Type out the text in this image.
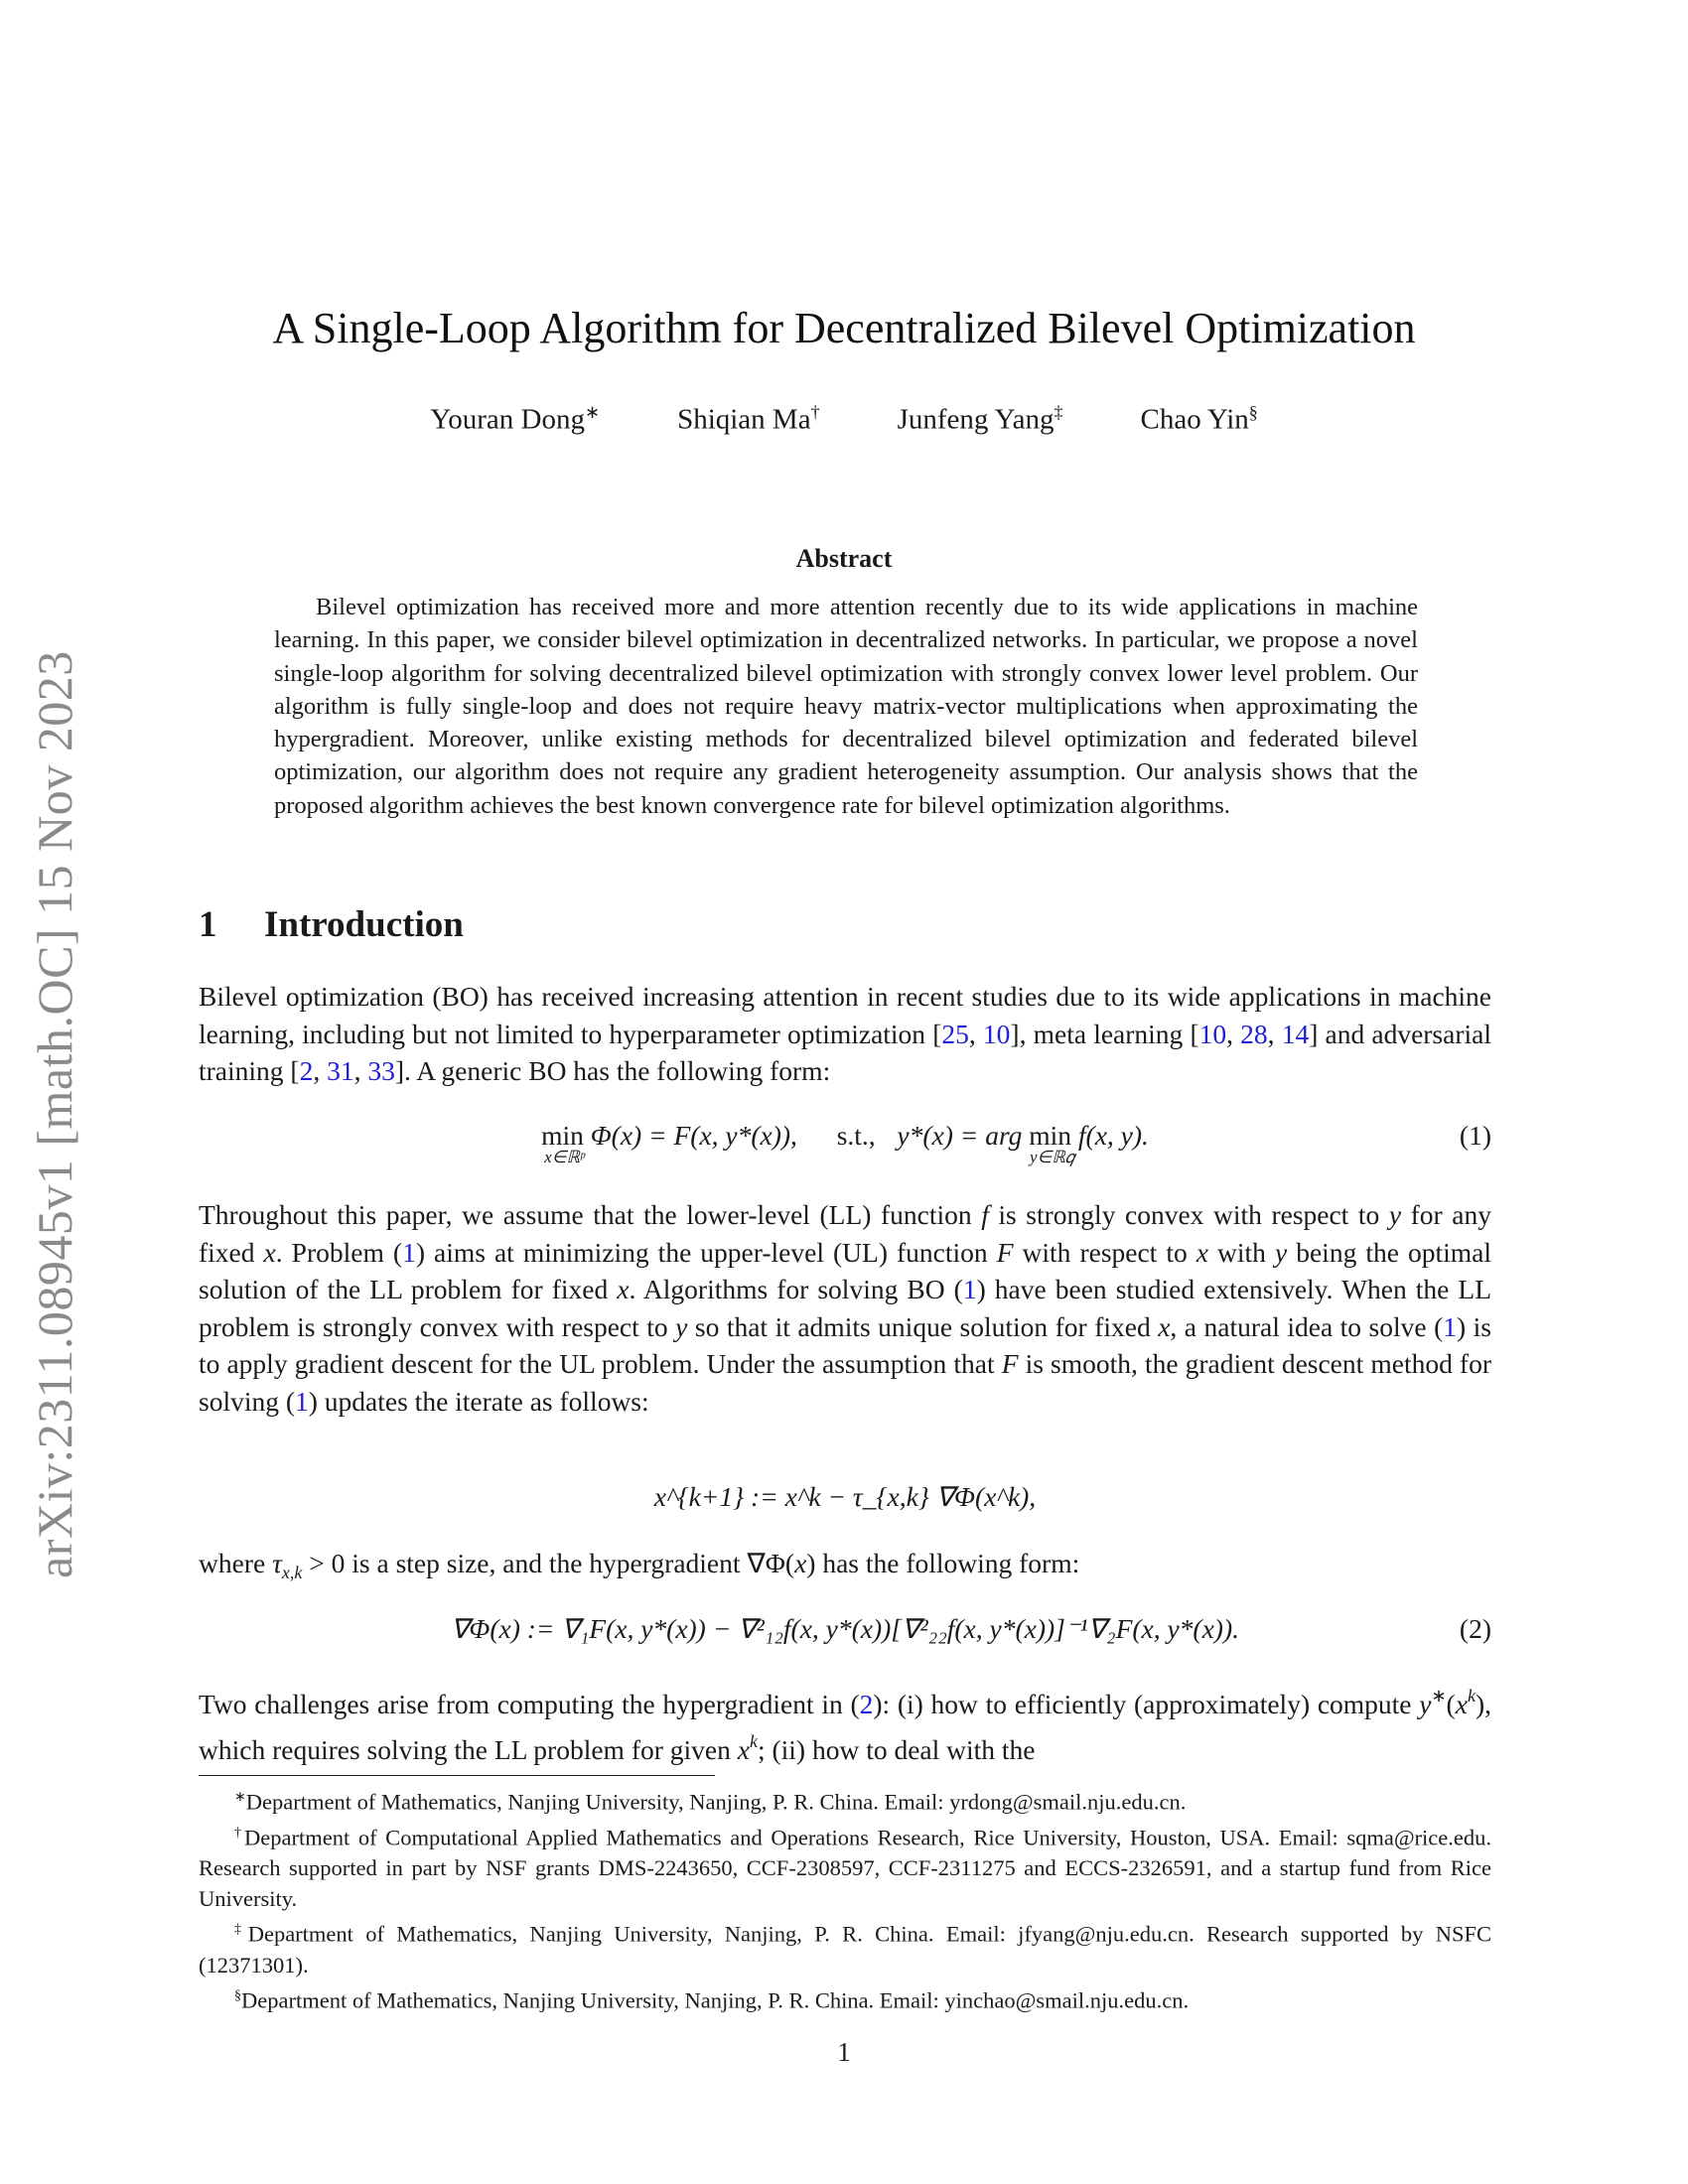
arXiv:2311.08945v1 [math.OC] 15 Nov 2023
A Single-Loop Algorithm for Decentralized Bilevel Optimization
Youran Dong∗	Shiqian Ma†	Junfeng Yang‡	Chao Yin§
Abstract
Bilevel optimization has received more and more attention recently due to its wide applications in machine learning. In this paper, we consider bilevel optimization in decentralized networks. In particular, we propose a novel single-loop algorithm for solving decentralized bilevel optimization with strongly convex lower level problem. Our algorithm is fully single-loop and does not require heavy matrix-vector multiplications when approximating the hypergradient. Moreover, unlike existing methods for decentralized bilevel optimization and federated bilevel optimization, our algorithm does not require any gradient heterogeneity assumption. Our analysis shows that the proposed algorithm achieves the best known convergence rate for bilevel optimization algorithms.
1 Introduction
Bilevel optimization (BO) has received increasing attention in recent studies due to its wide applications in machine learning, including but not limited to hyperparameter optimization [25, 10], meta learning [10, 28, 14] and adversarial training [2, 31, 33]. A generic BO has the following form:
min
x∈ℝᵖ
Φ(x) = F(x, y*(x)), s.t., y*(x) = arg min
y∈ℝ𝑞
f(x, y).	(1)
Throughout this paper, we assume that the lower-level (LL) function f is strongly convex with respect to y for any fixed x. Problem (1) aims at minimizing the upper-level (UL) function F with respect to x with y being the optimal solution of the LL problem for fixed x. Algorithms for solving BO (1) have been studied extensively. When the LL problem is strongly convex with respect to y so that it admits unique solution for fixed x, a natural idea to solve (1) is to apply gradient descent for the UL problem. Under the assumption that F is smooth, the gradient descent method for solving (1) updates the iterate as follows:
x^{k+1} := x^k − τ_{x,k} ∇Φ(x^k),
where $\tau_{x,k} > 0$ is a step size, and the hypergradient ∇Φ(x) has the following form:
∇Φ(x) := ∇₁F(x, y*(x)) − ∇²₁₂f(x, y*(x))[∇²₂₂f(x, y*(x))]⁻¹∇₂F(x, y*(x)).	(2)
Two challenges arise from computing the hypergradient in (2): (i) how to efficiently (approximately) compute $y^∗(x^k)$, which requires solving the LL problem for given $x^k$; (ii) how to deal with the
∗Department of Mathematics, Nanjing University, Nanjing, P. R. China. Email: yrdong@smail.nju.edu.cn.
†Department of Computational Applied Mathematics and Operations Research, Rice University, Houston, USA. Email: sqma@rice.edu. Research supported in part by NSF grants DMS-2243650, CCF-2308597, CCF-2311275 and ECCS-2326591, and a startup fund from Rice University.
‡Department of Mathematics, Nanjing University, Nanjing, P. R. China. Email: jfyang@nju.edu.cn. Research supported by NSFC (12371301).
§Department of Mathematics, Nanjing University, Nanjing, P. R. China. Email: yinchao@smail.nju.edu.cn.
1
